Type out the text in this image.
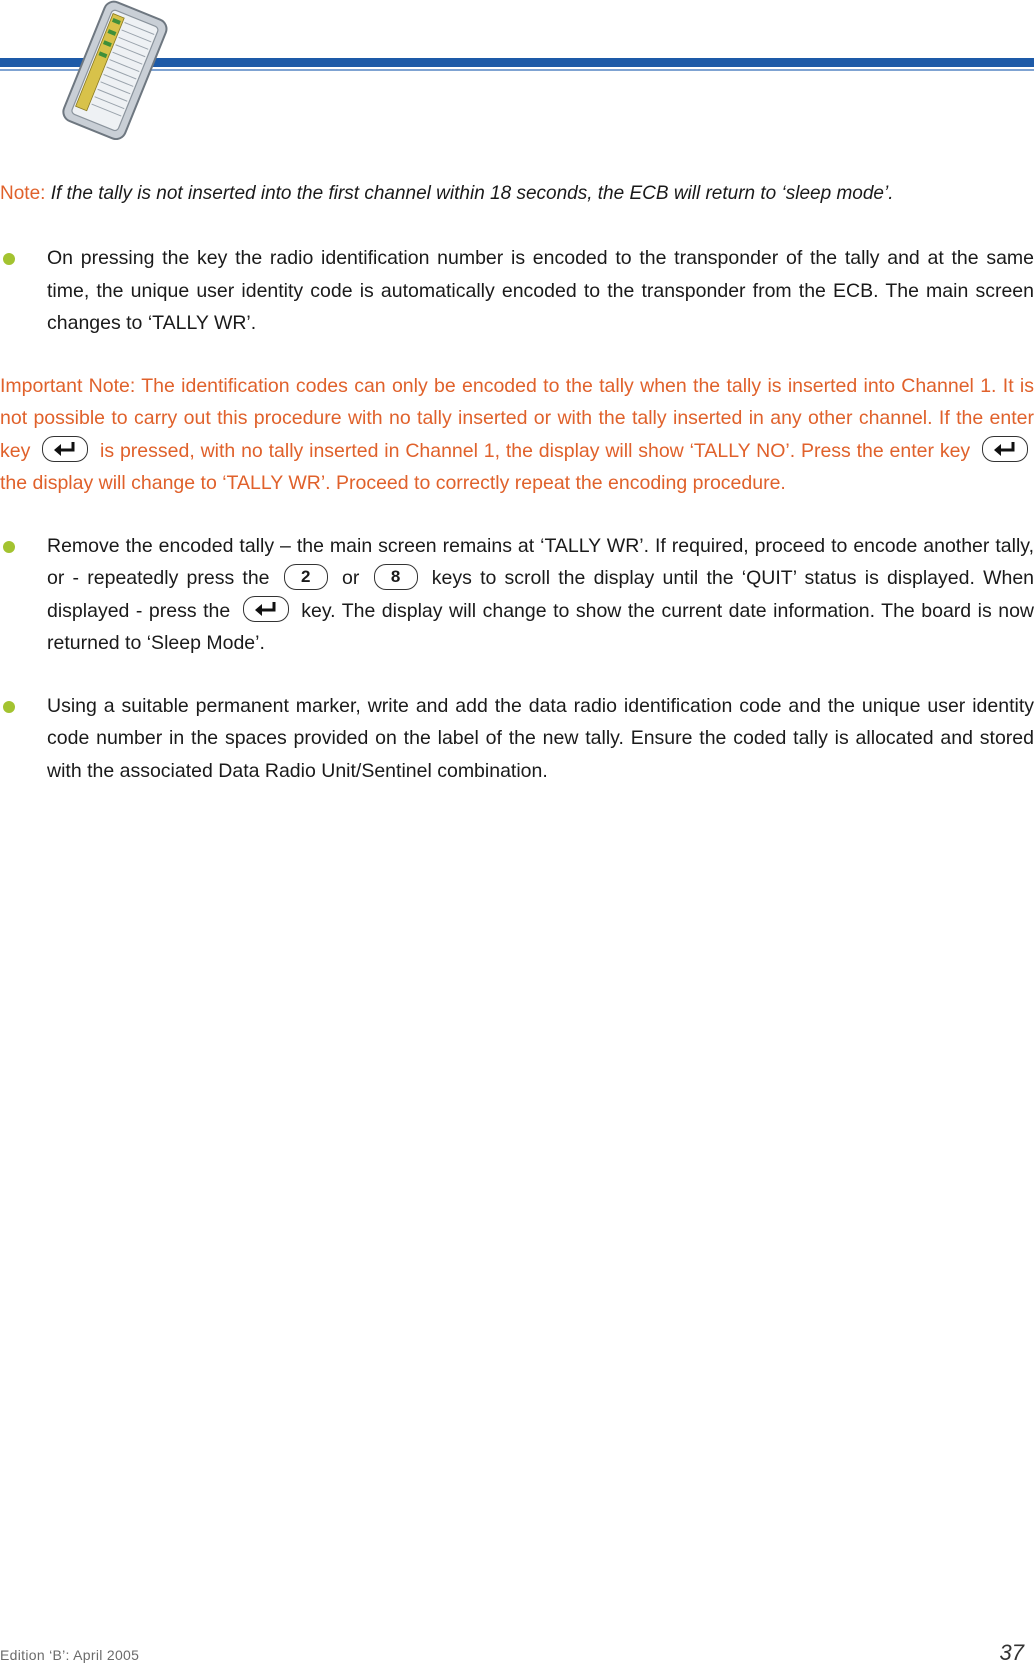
Note: If the tally is not inserted into the first channel within 18 seconds, the ECB will return to ‘sleep mode’.

On pressing the key the radio identification number is encoded to the transponder of the tally and at the same time, the unique user identity code is automatically encoded to the transponder from the ECB. The main screen changes to ‘TALLY WR’.
Important Note: The identification codes can only be encoded to the tally when the tally is inserted into Channel 1. It is not possible to carry out this procedure with no tally inserted or with the tally inserted in any other channel. If the enter key	is pressed, with no tally inserted in Channel 1, the display will show ‘TALLY NO’. Press the enter key
the display will change to ‘TALLY WR’. Proceed to correctly repeat the encoding procedure.
Remove the encoded tally – the main screen remains at ‘TALLY WR’. If required, proceed to encode another tally, or - repeatedly press the 2 or 8 keys to scroll the display until the ‘QUIT’ status is displayed. When displayed - press the	key. The display will change to show the current date information. The board is now returned to ‘Sleep Mode’.
Using a suitable permanent marker, write and add the data radio identification code and the unique user identity code number in the spaces provided on the label of the new tally. Ensure the coded tally is allocated and stored with the associated Data Radio Unit/Sentinel combination.
Edition ‘B’: April 2005	37
